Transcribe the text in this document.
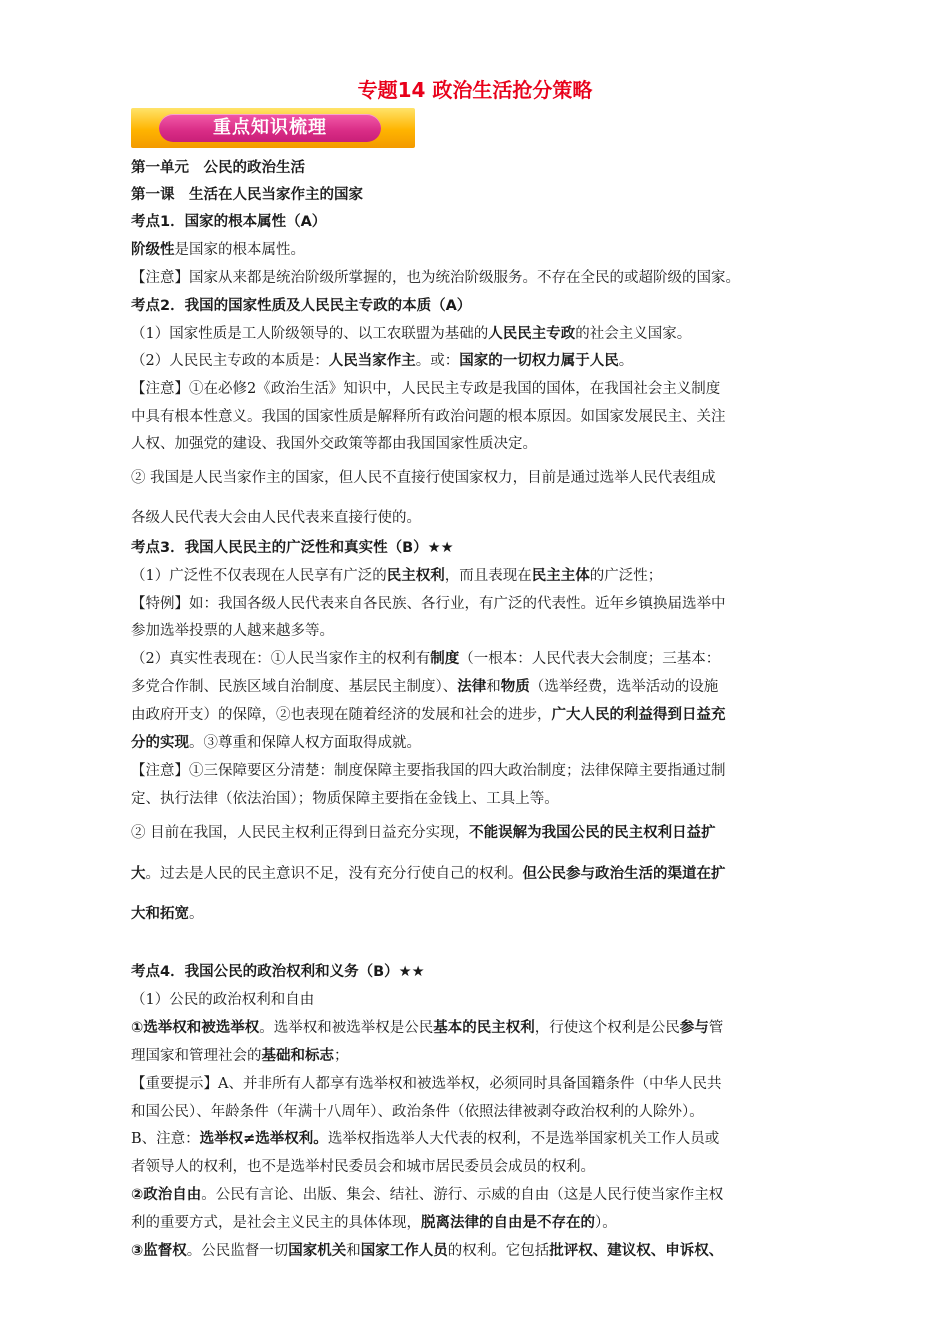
专题14 政治生活抢分策略
重点知识梳理
第一单元　公民的政治生活
第一课　生活在人民当家作主的国家
考点1．国家的根本属性（A）
阶级性是国家的根本属性。
【注意】国家从来都是统治阶级所掌握的，也为统治阶级服务。不存在全民的或超阶级的国家。
考点2．我国的国家性质及人民民主专政的本质（A）
（1）国家性质是工人阶级领导的、以工农联盟为基础的人民民主专政的社会主义国家。
（2）人民民主专政的本质是：人民当家作主。或：国家的一切权力属于人民。
【注意】①在必修2《政治生活》知识中，人民民主专政是我国的国体，在我国社会主义制度
中具有根本性意义。我国的国家性质是解释所有政治问题的根本原因。如国家发展民主、关注
人权、加强党的建设、我国外交政策等都由我国国家性质决定。
② 我国是人民当家作主的国家，但人民不直接行使国家权力，目前是通过选举人民代表组成
各级人民代表大会由人民代表来直接行使的。
考点3．我国人民民主的广泛性和真实性（B）★★
（1）广泛性不仅表现在人民享有广泛的民主权利，而且表现在民主主体的广泛性；
【特例】如：我国各级人民代表来自各民族、各行业，有广泛的代表性。近年乡镇换届选举中
参加选举投票的人越来越多等。
（2）真实性表现在：①人民当家作主的权利有制度（一根本：人民代表大会制度；三基本：
多党合作制、民族区域自治制度、基层民主制度）、法律和物质（选举经费，选举活动的设施
由政府开支）的保障，②也表现在随着经济的发展和社会的进步，广大人民的利益得到日益充
分的实现。③尊重和保障人权方面取得成就。
【注意】①三保障要区分清楚：制度保障主要指我国的四大政治制度；法律保障主要指通过制
定、执行法律（依法治国）；物质保障主要指在金钱上、工具上等。
② 目前在我国，人民民主权利正得到日益充分实现，不能误解为我国公民的民主权利日益扩
大。过去是人民的民主意识不足，没有充分行使自己的权利。但公民参与政治生活的渠道在扩
大和拓宽。
考点4．我国公民的政治权利和义务（B）★★
（1）公民的政治权利和自由
①选举权和被选举权。选举权和被选举权是公民基本的民主权利，行使这个权利是公民参与管
理国家和管理社会的基础和标志；
【重要提示】A、并非所有人都享有选举权和被选举权，必须同时具备国籍条件（中华人民共
和国公民）、年龄条件（年满十八周年）、政治条件（依照法律被剥夺政治权利的人除外）。
B、注意：选举权≠选举权利。选举权指选举人大代表的权利，不是选举国家机关工作人员或
者领导人的权利，也不是选举村民委员会和城市居民委员会成员的权利。
②政治自由。公民有言论、出版、集会、结社、游行、示威的自由（这是人民行使当家作主权
利的重要方式，是社会主义民主的具体体现，脱离法律的自由是不存在的）。
③监督权。公民监督一切国家机关和国家工作人员的权利。它包括批评权、建议权、申诉权、
